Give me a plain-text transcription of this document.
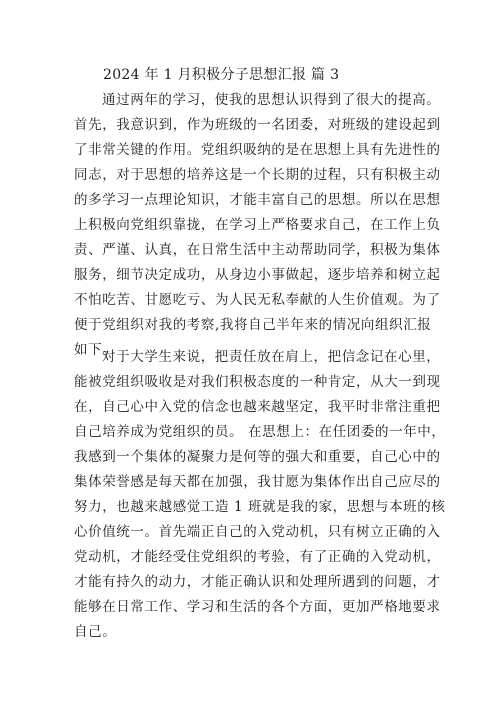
2024 年 1 月积极分子思想汇报 篇 3
通过两年的学习，使我的思想认识得到了很大的提高。
首先，我意识到，作为班级的一名团委，对班级的建设起到
了非常关键的作用。党组织吸纳的是在思想上具有先进性的
同志，对于思想的培养这是一个长期的过程，只有积极主动
的多学习一点理论知识，才能丰富自己的思想。所以在思想
上积极向党组织靠拢，在学习上严格要求自己，在工作上负
责、严谨、认真，在日常生活中主动帮助同学，积极为集体
服务，细节决定成功，从身边小事做起，逐步培养和树立起
不怕吃苦、甘愿吃亏、为人民无私奉献的人生价值观。为了
便于党组织对我的考察,我将自己半年来的情况向组织汇报
如下。
对于大学生来说，把责任放在肩上，把信念记在心里，
能被党组织吸收是对我们积极态度的一种肯定，从大一到现
在，自己心中入党的信念也越来越坚定，我平时非常注重把
自己培养成为党组织的员。 在思想上：在任团委的一年中，
我感到一个集体的凝聚力是何等的强大和重要，自己心中的
集体荣誉感是每天都在加强，我甘愿为集体作出自己应尽的
努力，也越来越感觉工造 1 班就是我的家，思想与本班的核
心价值统一。首先端正自己的入党动机，只有树立正确的入
党动机，才能经受住党组织的考验，有了正确的入党动机，
才能有持久的动力，才能正确认识和处理所遇到的问题，才
能够在日常工作、学习和生活的各个方面，更加严格地要求
自己。
